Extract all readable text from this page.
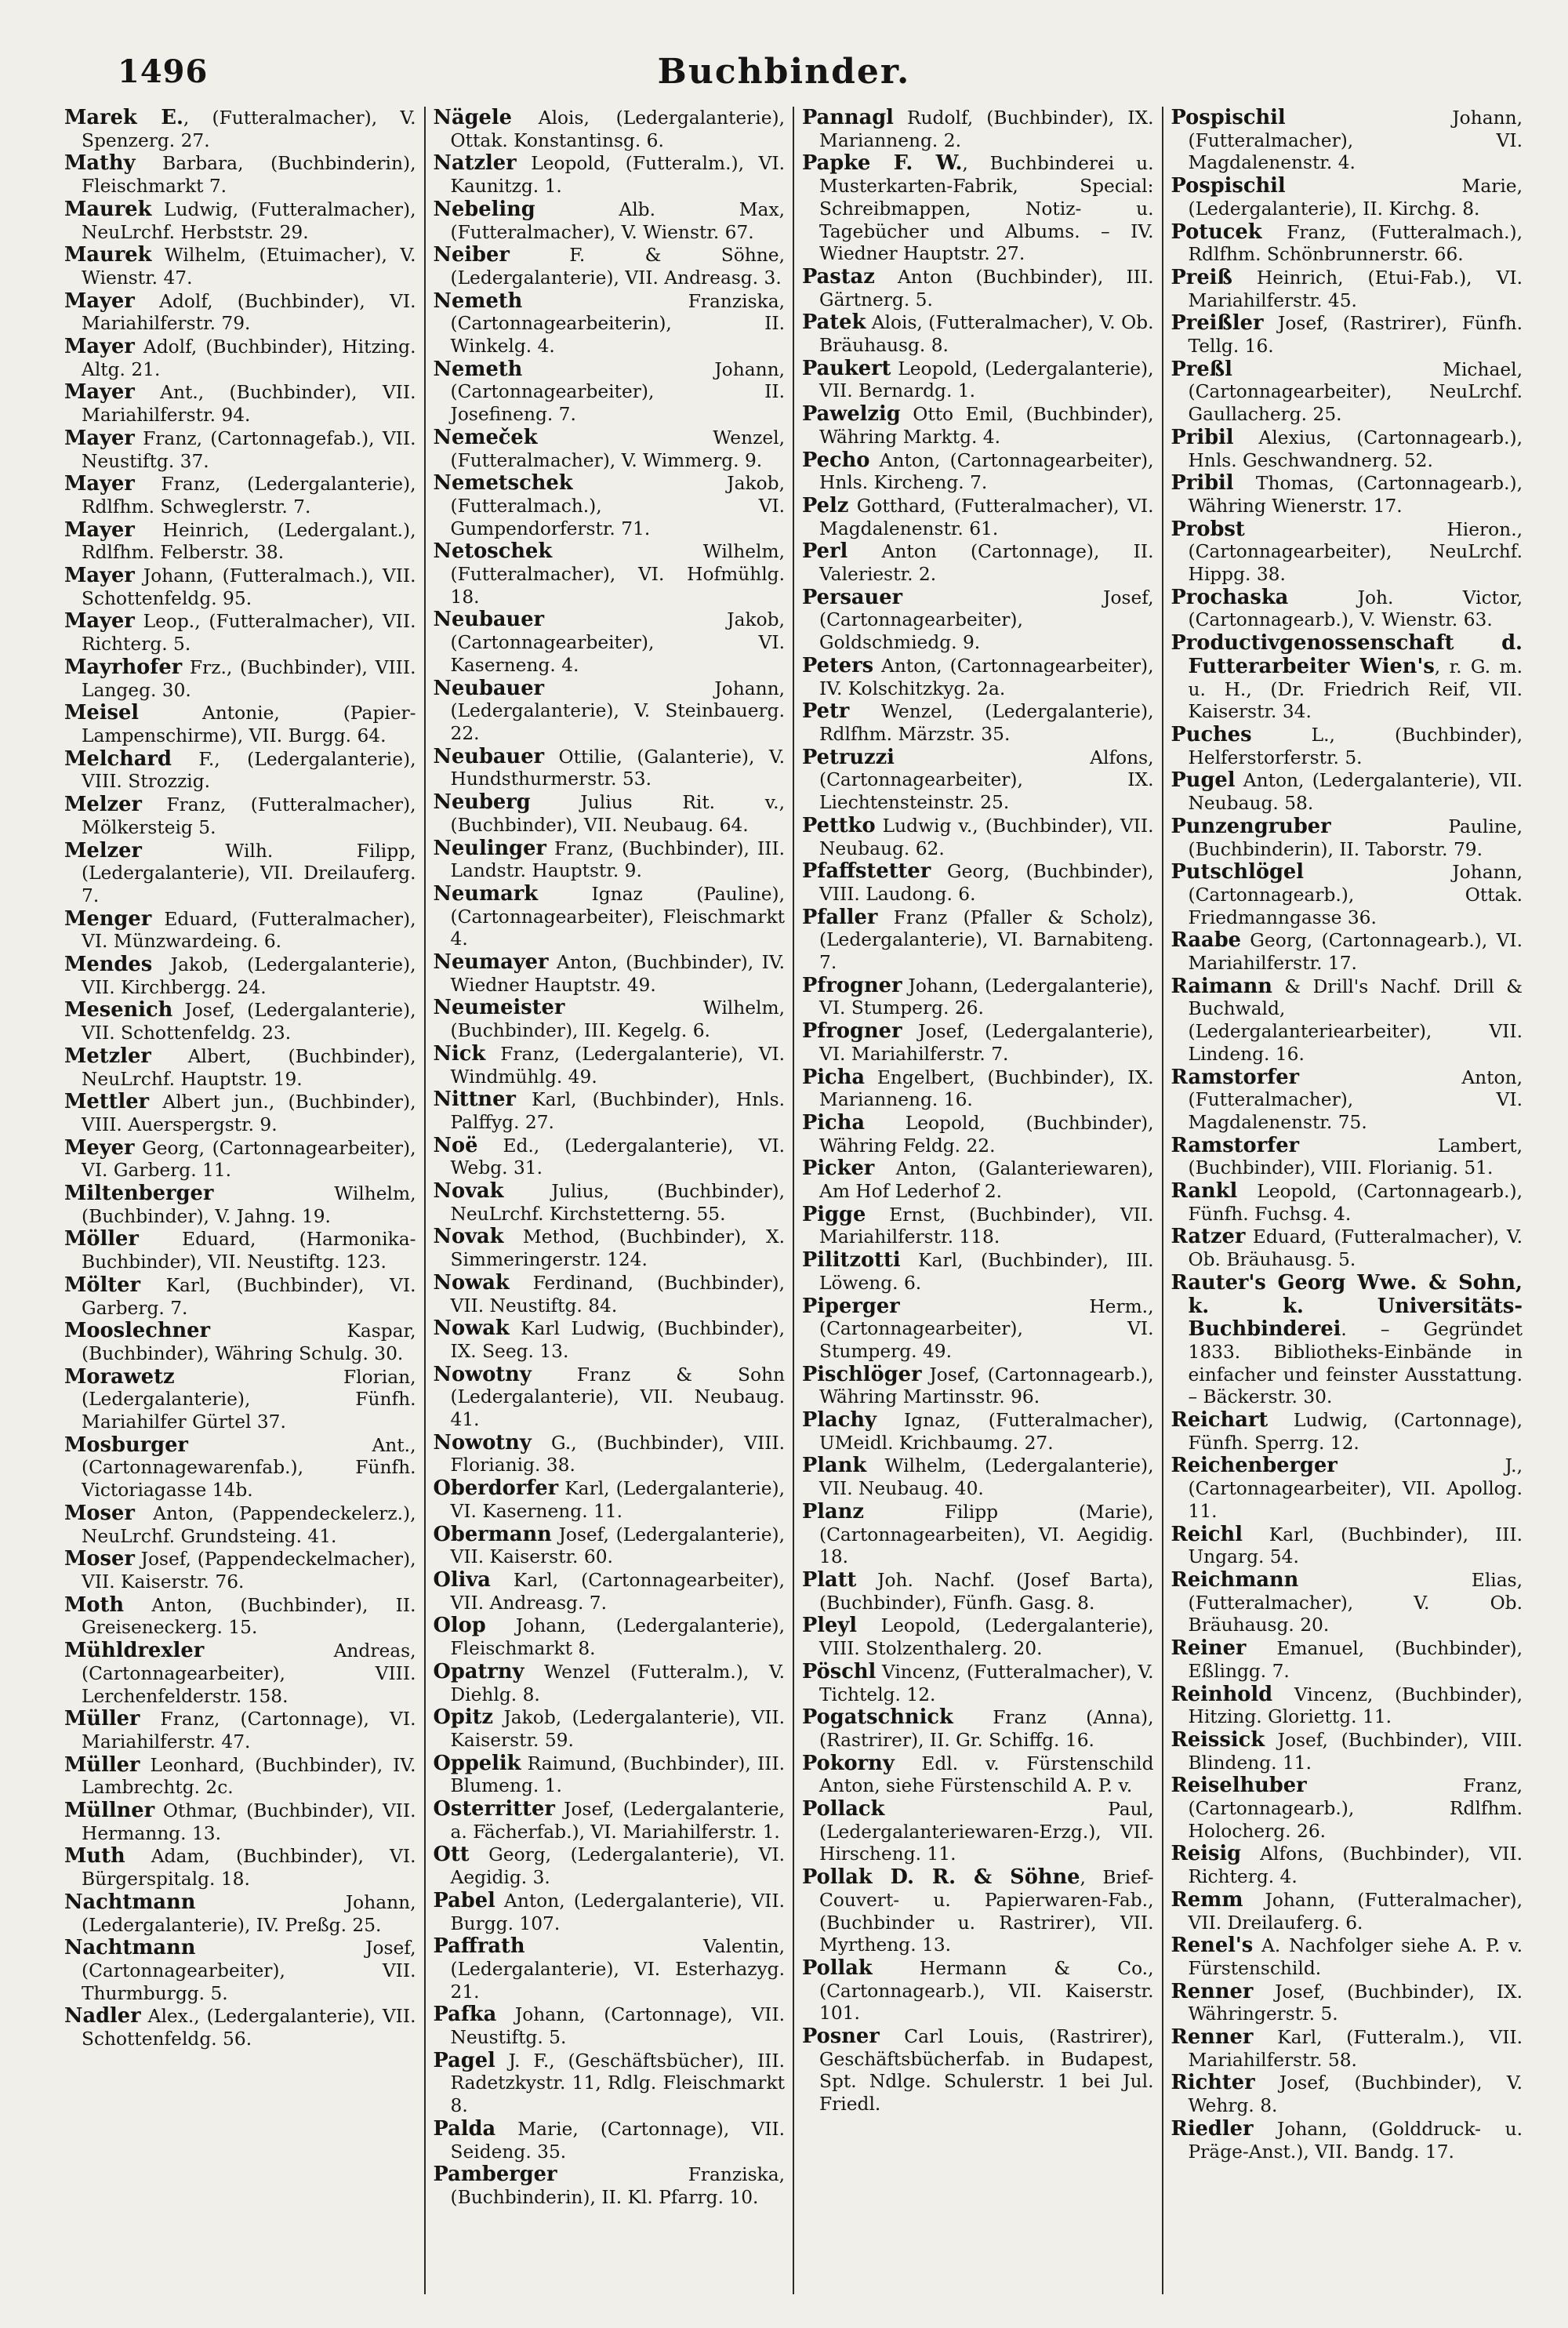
1496	Buchbinder.
Marek E., (Futteralmacher), V. Spenzerg. 27.
Mathy Barbara, (Buchbinderin), Fleischmarkt 7.
Maurek Ludwig, (Futteralmacher), NeuLrchf. Herbststr. 29.
Maurek Wilhelm, (Etuimacher), V. Wienstr. 47.
Mayer Adolf, (Buchbinder), VI. Mariahilferstr. 79.
Mayer Adolf, (Buchbinder), Hitzing. Altg. 21.
Mayer Ant., (Buchbinder), VII. Mariahilferstr. 94.
Mayer Franz, (Cartonnagefab.), VII. Neustiftg. 37.
Mayer Franz, (Ledergalanterie), Rdlfhm. Schweglerstr. 7.
Mayer Heinrich, (Ledergalant.), Rdlfhm. Felberstr. 38.
Mayer Johann, (Futteralmach.), VII. Schottenfeldg. 95.
Mayer Leop., (Futteralmacher), VII. Richterg. 5.
Mayrhofer Frz., (Buchbinder), VIII. Langeg. 30.
Meisel Antonie, (Papier-Lampenschirme), VII. Burgg. 64.
Melchard F., (Ledergalanterie), VIII. Strozzig.
Melzer Franz, (Futteralmacher), Mölkersteig 5.
Melzer Wilh. Filipp, (Ledergalanterie), VII. Dreilauferg. 7.
Menger Eduard, (Futteralmacher), VI. Münzwardeing. 6.
Mendes Jakob, (Ledergalanterie), VII. Kirchbergg. 24.
Mesenich Josef, (Ledergalanterie), VII. Schottenfeldg. 23.
Metzler Albert, (Buchbinder), NeuLrchf. Hauptstr. 19.
Mettler Albert jun., (Buchbinder), VIII. Auerspergstr. 9.
Meyer Georg, (Cartonnagearbeiter), VI. Garberg. 11.
Miltenberger Wilhelm, (Buchbinder), V. Jahng. 19.
Möller Eduard, (Harmonika-Buchbinder), VII. Neustiftg. 123.
Mölter Karl, (Buchbinder), VI. Garberg. 7.
Mooslechner Kaspar, (Buchbinder), Währing Schulg. 30.
Morawetz Florian, (Ledergalanterie), Fünfh. Mariahilfer Gürtel 37.
Mosburger Ant., (Cartonnagewarenfab.), Fünfh. Victoriagasse 14b.
Moser Anton, (Pappendeckelerz.), NeuLrchf. Grundsteing. 41.
Moser Josef, (Pappendeckelmacher), VII. Kaiserstr. 76.
Moth Anton, (Buchbinder), II. Greiseneckerg. 15.
Mühldrexler Andreas, (Cartonnagearbeiter), VIII. Lerchenfelderstr. 158.
Müller Franz, (Cartonnage), VI. Mariahilferstr. 47.
Müller Leonhard, (Buchbinder), IV. Lambrechtg. 2c.
Müllner Othmar, (Buchbinder), VII. Hermanng. 13.
Muth Adam, (Buchbinder), VI. Bürgerspitalg. 18.
Nachtmann Johann, (Ledergalanterie), IV. Preßg. 25.
Nachtmann Josef, (Cartonnagearbeiter), VII. Thurmburgg. 5.
Nadler Alex., (Ledergalanterie), VII. Schottenfeldg. 56.
Nägele Alois, (Ledergalanterie), Ottak. Konstantinsg. 6.
Natzler Leopold, (Futteralm.), VI. Kaunitzg. 1.
Nebeling Alb. Max, (Futteralmacher), V. Wienstr. 67.
Neiber F. & Söhne, (Ledergalanterie), VII. Andreasg. 3.
Nemeth Franziska, (Cartonnagearbeiterin), II. Winkelg. 4.
Nemeth Johann, (Cartonnagearbeiter), II. Josefineng. 7.
Nemeček Wenzel, (Futteralmacher), V. Wimmerg. 9.
Nemetschek Jakob, (Futteralmach.), VI. Gumpendorferstr. 71.
Netoschek Wilhelm, (Futteralmacher), VI. Hofmühlg. 18.
Neubauer Jakob, (Cartonnagearbeiter), VI. Kaserneng. 4.
Neubauer Johann, (Ledergalanterie), V. Steinbauerg. 22.
Neubauer Ottilie, (Galanterie), V. Hundsthurmerstr. 53.
Neuberg Julius Rit. v., (Buchbinder), VII. Neubaug. 64.
Neulinger Franz, (Buchbinder), III. Landstr. Hauptstr. 9.
Neumark Ignaz (Pauline), (Cartonnagearbeiter), Fleischmarkt 4.
Neumayer Anton, (Buchbinder), IV. Wiedner Hauptstr. 49.
Neumeister Wilhelm, (Buchbinder), III. Kegelg. 6.
Nick Franz, (Ledergalanterie), VI. Windmühlg. 49.
Nittner Karl, (Buchbinder), Hnls. Palffyg. 27.
Noë Ed., (Ledergalanterie), VI. Webg. 31.
Novak Julius, (Buchbinder), NeuLrchf. Kirchstetterng. 55.
Novak Method, (Buchbinder), X. Simmeringerstr. 124.
Nowak Ferdinand, (Buchbinder), VII. Neustiftg. 84.
Nowak Karl Ludwig, (Buchbinder), IX. Seeg. 13.
Nowotny Franz & Sohn (Ledergalanterie), VII. Neubaug. 41.
Nowotny G., (Buchbinder), VIII. Florianig. 38.
Oberdorfer Karl, (Ledergalanterie), VI. Kaserneng. 11.
Obermann Josef, (Ledergalanterie), VII. Kaiserstr. 60.
Oliva Karl, (Cartonnagearbeiter), VII. Andreasg. 7.
Olop Johann, (Ledergalanterie), Fleischmarkt 8.
Opatrny Wenzel (Futteralm.), V. Diehlg. 8.
Opitz Jakob, (Ledergalanterie), VII. Kaiserstr. 59.
Oppelik Raimund, (Buchbinder), III. Blumeng. 1.
Osterritter Josef, (Ledergalanterie, a. Fächerfab.), VI. Mariahilferstr. 1.
Ott Georg, (Ledergalanterie), VI. Aegidig. 3.
Pabel Anton, (Ledergalanterie), VII. Burgg. 107.
Paffrath Valentin, (Ledergalanterie), VI. Esterhazyg. 21.
Pafka Johann, (Cartonnage), VII. Neustiftg. 5.
Pagel J. F., (Geschäftsbücher), III. Radetzkystr. 11, Rdlg. Fleischmarkt 8.
Palda Marie, (Cartonnage), VII. Seideng. 35.
Pamberger Franziska, (Buchbinderin), II. Kl. Pfarrg. 10.
Pannagl Rudolf, (Buchbinder), IX. Marianneng. 2.
Papke F. W., Buchbinderei u. Musterkarten-Fabrik, Special: Schreibmappen, Notiz- u. Tagebücher und Albums. – IV. Wiedner Hauptstr. 27.
Pastaz Anton (Buchbinder), III. Gärtnerg. 5.
Patek Alois, (Futteralmacher), V. Ob. Bräuhausg. 8.
Paukert Leopold, (Ledergalanterie), VII. Bernardg. 1.
Pawelzig Otto Emil, (Buchbinder), Währing Marktg. 4.
Pecho Anton, (Cartonnagearbeiter), Hnls. Kircheng. 7.
Pelz Gotthard, (Futteralmacher), VI. Magdalenenstr. 61.
Perl Anton (Cartonnage), II. Valeriestr. 2.
Persauer Josef, (Cartonnagearbeiter), Goldschmiedg. 9.
Peters Anton, (Cartonnagearbeiter), IV. Kolschitzkyg. 2a.
Petr Wenzel, (Ledergalanterie), Rdlfhm. Märzstr. 35.
Petruzzi Alfons, (Cartonnagearbeiter), IX. Liechtensteinstr. 25.
Pettko Ludwig v., (Buchbinder), VII. Neubaug. 62.
Pfaffstetter Georg, (Buchbinder), VIII. Laudong. 6.
Pfaller Franz (Pfaller & Scholz), (Ledergalanterie), VI. Barnabiteng. 7.
Pfrogner Johann, (Ledergalanterie), VI. Stumperg. 26.
Pfrogner Josef, (Ledergalanterie), VI. Mariahilferstr. 7.
Picha Engelbert, (Buchbinder), IX. Marianneng. 16.
Picha Leopold, (Buchbinder), Währing Feldg. 22.
Picker Anton, (Galanteriewaren), Am Hof Lederhof 2.
Pigge Ernst, (Buchbinder), VII. Mariahilferstr. 118.
Pilitzotti Karl, (Buchbinder), III. Löweng. 6.
Piperger Herm., (Cartonnagearbeiter), VI. Stumperg. 49.
Pischlöger Josef, (Cartonnagearb.), Währing Martinsstr. 96.
Plachy Ignaz, (Futteralmacher), UMeidl. Krichbaumg. 27.
Plank Wilhelm, (Ledergalanterie), VII. Neubaug. 40.
Planz Filipp (Marie), (Cartonnagearbeiten), VI. Aegidig. 18.
Platt Joh. Nachf. (Josef Barta), (Buchbinder), Fünfh. Gasg. 8.
Pleyl Leopold, (Ledergalanterie), VIII. Stolzenthalerg. 20.
Pöschl Vincenz, (Futteralmacher), V. Tichtelg. 12.
Pogatschnick Franz (Anna), (Rastrirer), II. Gr. Schiffg. 16.
Pokorny Edl. v. Fürstenschild Anton, siehe Fürstenschild A. P. v.
Pollack Paul, (Ledergalanteriewaren-Erzg.), VII. Hirscheng. 11.
Pollak D. R. & Söhne, Brief-Couvert- u. Papierwaren-Fab., (Buchbinder u. Rastrirer), VII. Myrtheng. 13.
Pollak Hermann & Co., (Cartonnagearb.), VII. Kaiserstr. 101.
Posner Carl Louis, (Rastrirer), Geschäftsbücherfab. in Budapest, Spt. Ndlge. Schulerstr. 1 bei Jul. Friedl.
Pospischil Johann, (Futteralmacher), VI. Magdalenenstr. 4.
Pospischil Marie, (Ledergalanterie), II. Kirchg. 8.
Potucek Franz, (Futteralmach.), Rdlfhm. Schönbrunnerstr. 66.
Preiß Heinrich, (Etui-Fab.), VI. Mariahilferstr. 45.
Preißler Josef, (Rastrirer), Fünfh. Tellg. 16.
Preßl Michael, (Cartonnagearbeiter), NeuLrchf. Gaullacherg. 25.
Pribil Alexius, (Cartonnagearb.), Hnls. Geschwandnerg. 52.
Pribil Thomas, (Cartonnagearb.), Währing Wienerstr. 17.
Probst Hieron., (Cartonnagearbeiter), NeuLrchf. Hippg. 38.
Prochaska Joh. Victor, (Cartonnagearb.), V. Wienstr. 63.
Productivgenossenschaft d. Futterarbeiter Wien's, r. G. m. u. H., (Dr. Friedrich Reif, VII. Kaiserstr. 34.
Puches L., (Buchbinder), Helferstorferstr. 5.
Pugel Anton, (Ledergalanterie), VII. Neubaug. 58.
Punzengruber Pauline, (Buchbinderin), II. Taborstr. 79.
Putschlögel Johann, (Cartonnagearb.), Ottak. Friedmanngasse 36.
Raabe Georg, (Cartonnagearb.), VI. Mariahilferstr. 17.
Raimann & Drill's Nachf. Drill & Buchwald, (Ledergalanteriearbeiter), VII. Lindeng. 16.
Ramstorfer Anton, (Futteralmacher), VI. Magdalenenstr. 75.
Ramstorfer Lambert, (Buchbinder), VIII. Florianig. 51.
Rankl Leopold, (Cartonnagearb.), Fünfh. Fuchsg. 4.
Ratzer Eduard, (Futteralmacher), V. Ob. Bräuhausg. 5.
Rauter's Georg Wwe. & Sohn, k. k. Universitäts-Buchbinderei. – Gegründet 1833. Bibliotheks-Einbände in einfacher und feinster Ausstattung. – Bäckerstr. 30.
Reichart Ludwig, (Cartonnage), Fünfh. Sperrg. 12.
Reichenberger J., (Cartonnagearbeiter), VII. Apollog. 11.
Reichl Karl, (Buchbinder), III. Ungarg. 54.
Reichmann Elias, (Futteralmacher), V. Ob. Bräuhausg. 20.
Reiner Emanuel, (Buchbinder), Eßlingg. 7.
Reinhold Vincenz, (Buchbinder), Hitzing. Gloriettg. 11.
Reissick Josef, (Buchbinder), VIII. Blindeng. 11.
Reiselhuber Franz, (Cartonnagearb.), Rdlfhm. Holocherg. 26.
Reisig Alfons, (Buchbinder), VII. Richterg. 4.
Remm Johann, (Futteralmacher), VII. Dreilauferg. 6.
Renel's A. Nachfolger siehe A. P. v. Fürstenschild.
Renner Josef, (Buchbinder), IX. Währingerstr. 5.
Renner Karl, (Futteralm.), VII. Mariahilferstr. 58.
Richter Josef, (Buchbinder), V. Wehrg. 8.
Riedler Johann, (Golddruck- u. Präge-Anst.), VII. Bandg. 17.
